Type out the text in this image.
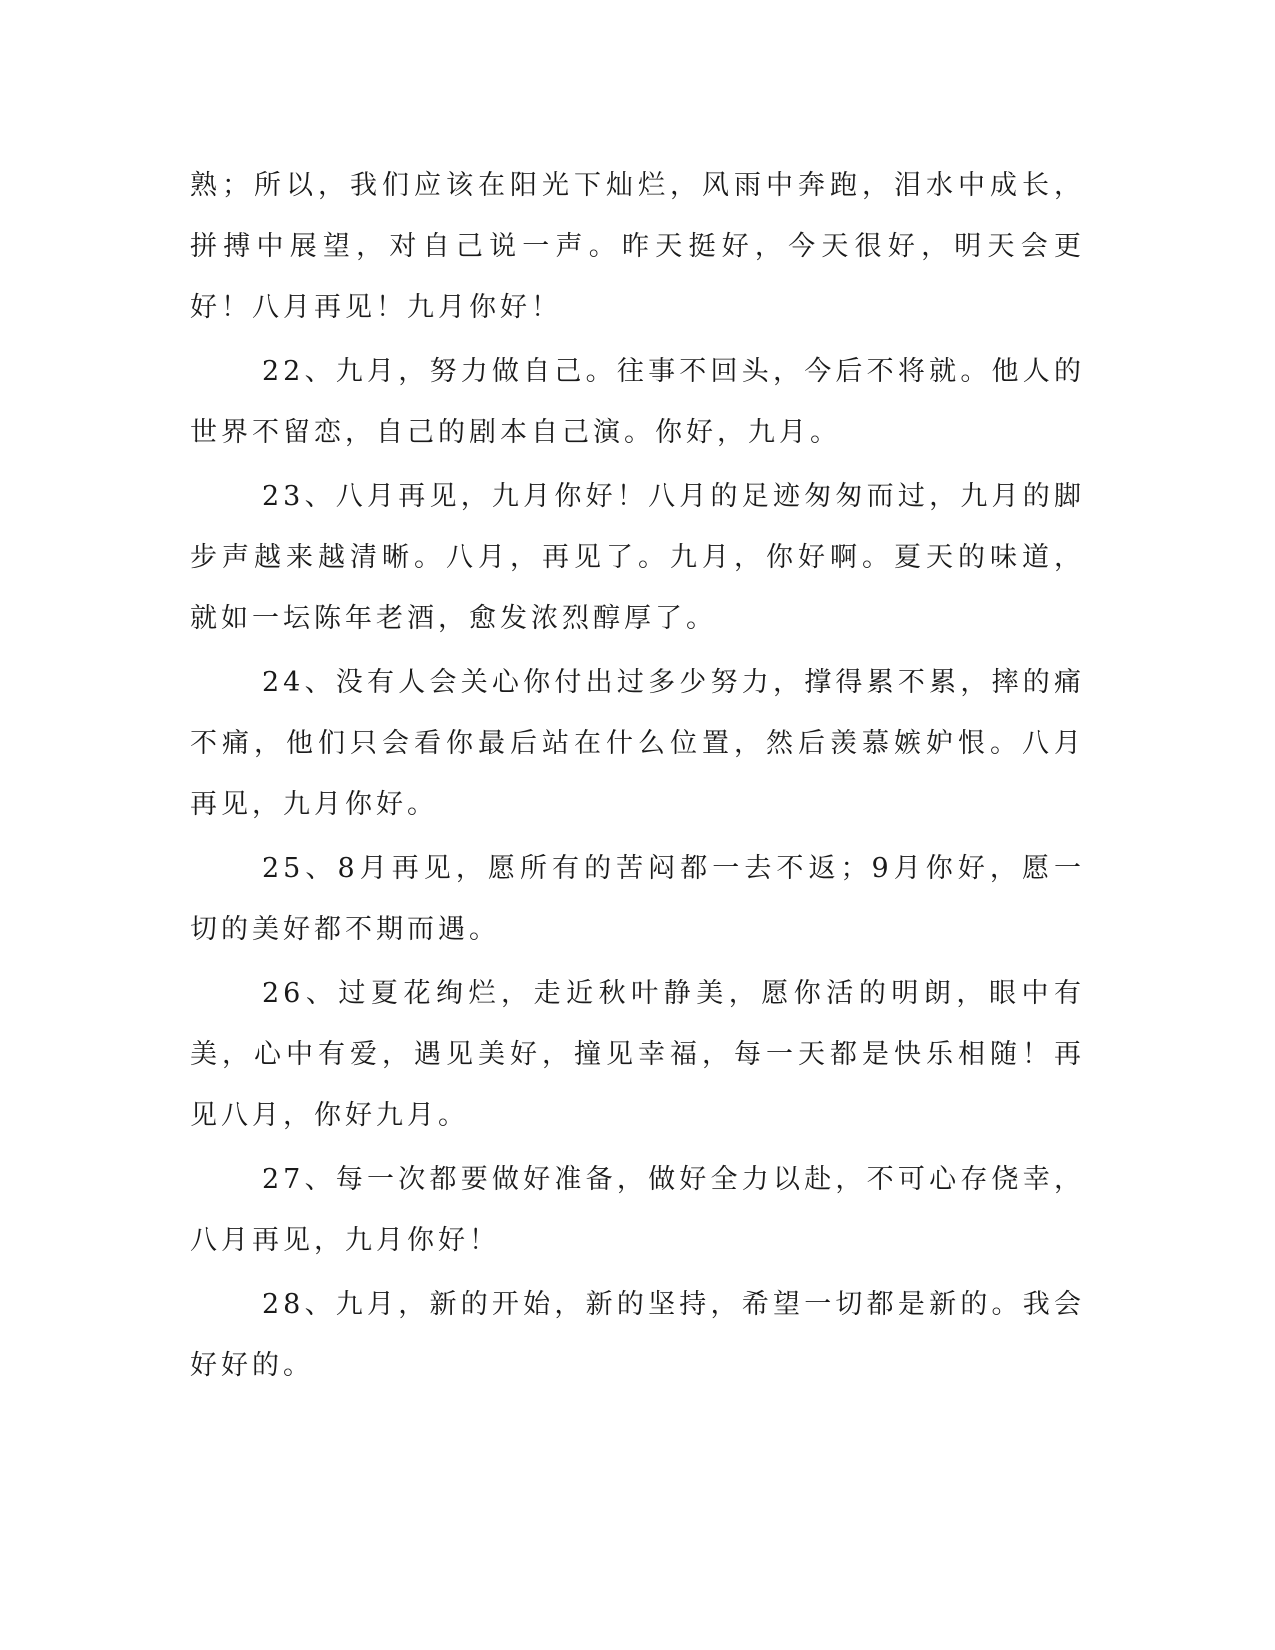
熟；所以，我们应该在阳光下灿烂，风雨中奔跑，泪水中成长，拼搏中展望，对自己说一声。昨天挺好，今天很好，明天会更好！八月再见！九月你好！

22、九月，努力做自己。往事不回头，今后不将就。他人的世界不留恋，自己的剧本自己演。你好，九月。

23、八月再见，九月你好！八月的足迹匆匆而过，九月的脚步声越来越清晰。八月，再见了。九月，你好啊。夏天的味道，就如一坛陈年老酒，愈发浓烈醇厚了。

24、没有人会关心你付出过多少努力，撑得累不累，摔的痛不痛，他们只会看你最后站在什么位置，然后羡慕嫉妒恨。八月再见，九月你好。

25、8月再见，愿所有的苦闷都一去不返；9月你好，愿一切的美好都不期而遇。

26、过夏花绚烂，走近秋叶静美，愿你活的明朗，眼中有美，心中有爱，遇见美好，撞见幸福，每一天都是快乐相随！再见八月，你好九月。

27、每一次都要做好准备，做好全力以赴，不可心存侥幸，八月再见，九月你好！

28、九月，新的开始，新的坚持，希望一切都是新的。我会好好的。
